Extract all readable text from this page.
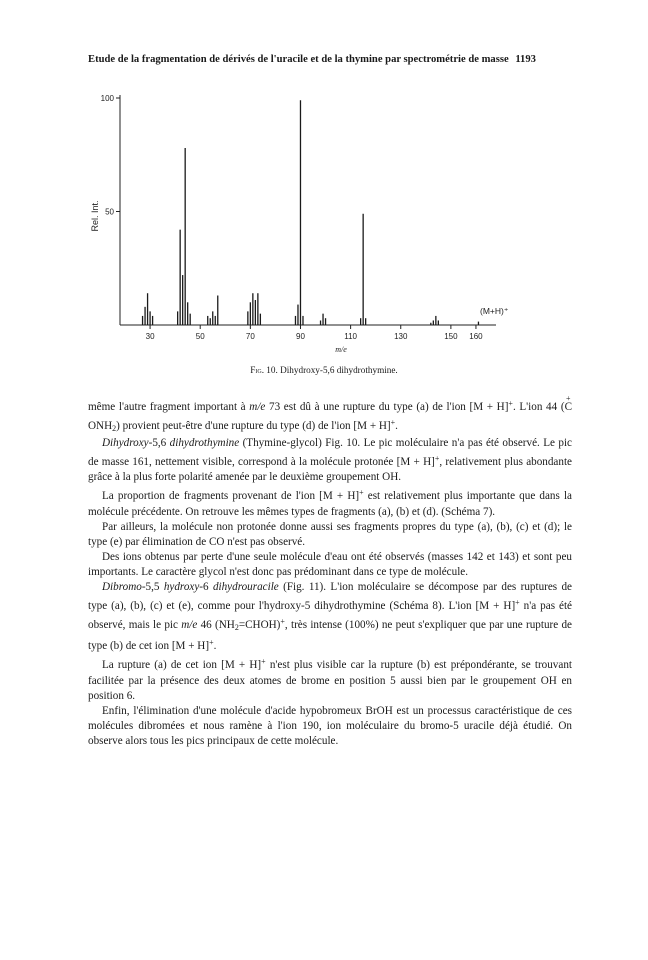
Etude de la fragmentation de dérivés de l'uracile et de la thymine par spectrométrie de masse 1193
100
50
30	50	70	90	110	130	150 160
Rel. Int.
m/e
(M+H)⁺
Fig. 10. Dihydroxy-5,6 dihydrothymine.

même l'autre fragment important à m/e 73 est dû à une rupture du type (a) de l'ion [M + H]+. L'ion 44 (C
+
ONH2) provient peut-être d'une rupture du type (d) de l'ion [M + H]+.

Dihydroxy-5,6 dihydrothymine (Thymine-glycol) Fig. 10. Le pic moléculaire n'a pas été observé. Le pic de masse 161, nettement visible, correspond à la molécule protonée [M + H]+, relativement plus abondante grâce à la plus forte polarité amenée par le deuxième groupement OH.

La proportion de fragments provenant de l'ion [M + H]+ est relativement plus importante que dans la molécule précédente. On retrouve les mêmes types de fragments (a), (b) et (d). (Schéma 7).

Par ailleurs, la molécule non protonée donne aussi ses fragments propres du type (a), (b), (c) et (d); le type (e) par élimination de CO n'est pas observé.

Des ions obtenus par perte d'une seule molécule d'eau ont été observés (masses 142 et 143) et sont peu importants. Le caractère glycol n'est donc pas prédominant dans ce type de molécule.

Dibromo-5,5 hydroxy-6 dihydrouracile (Fig. 11). L'ion moléculaire se décompose par des ruptures de type (a), (b), (c) et (e), comme pour l'hydroxy-5 dihydrothymine (Schéma 8). L'ion [M + H]+ n'a pas été observé, mais le pic m/e 46 (NH2=CHOH)+, très intense (100%) ne peut s'expliquer que par une rupture de type (b) de cet ion [M + H]+.

La rupture (a) de cet ion [M + H]+ n'est plus visible car la rupture (b) est prépondérante, se trouvant facilitée par la présence des deux atomes de brome en position 5 aussi bien par le groupement OH en position 6.

Enfin, l'élimination d'une molécule d'acide hypobromeux BrOH est un processus caractéristique de ces molécules dibromées et nous ramène à l'ion 190, ion moléculaire du bromo-5 uracile déjà étudié. On observe alors tous les pics principaux de cette molécule.
